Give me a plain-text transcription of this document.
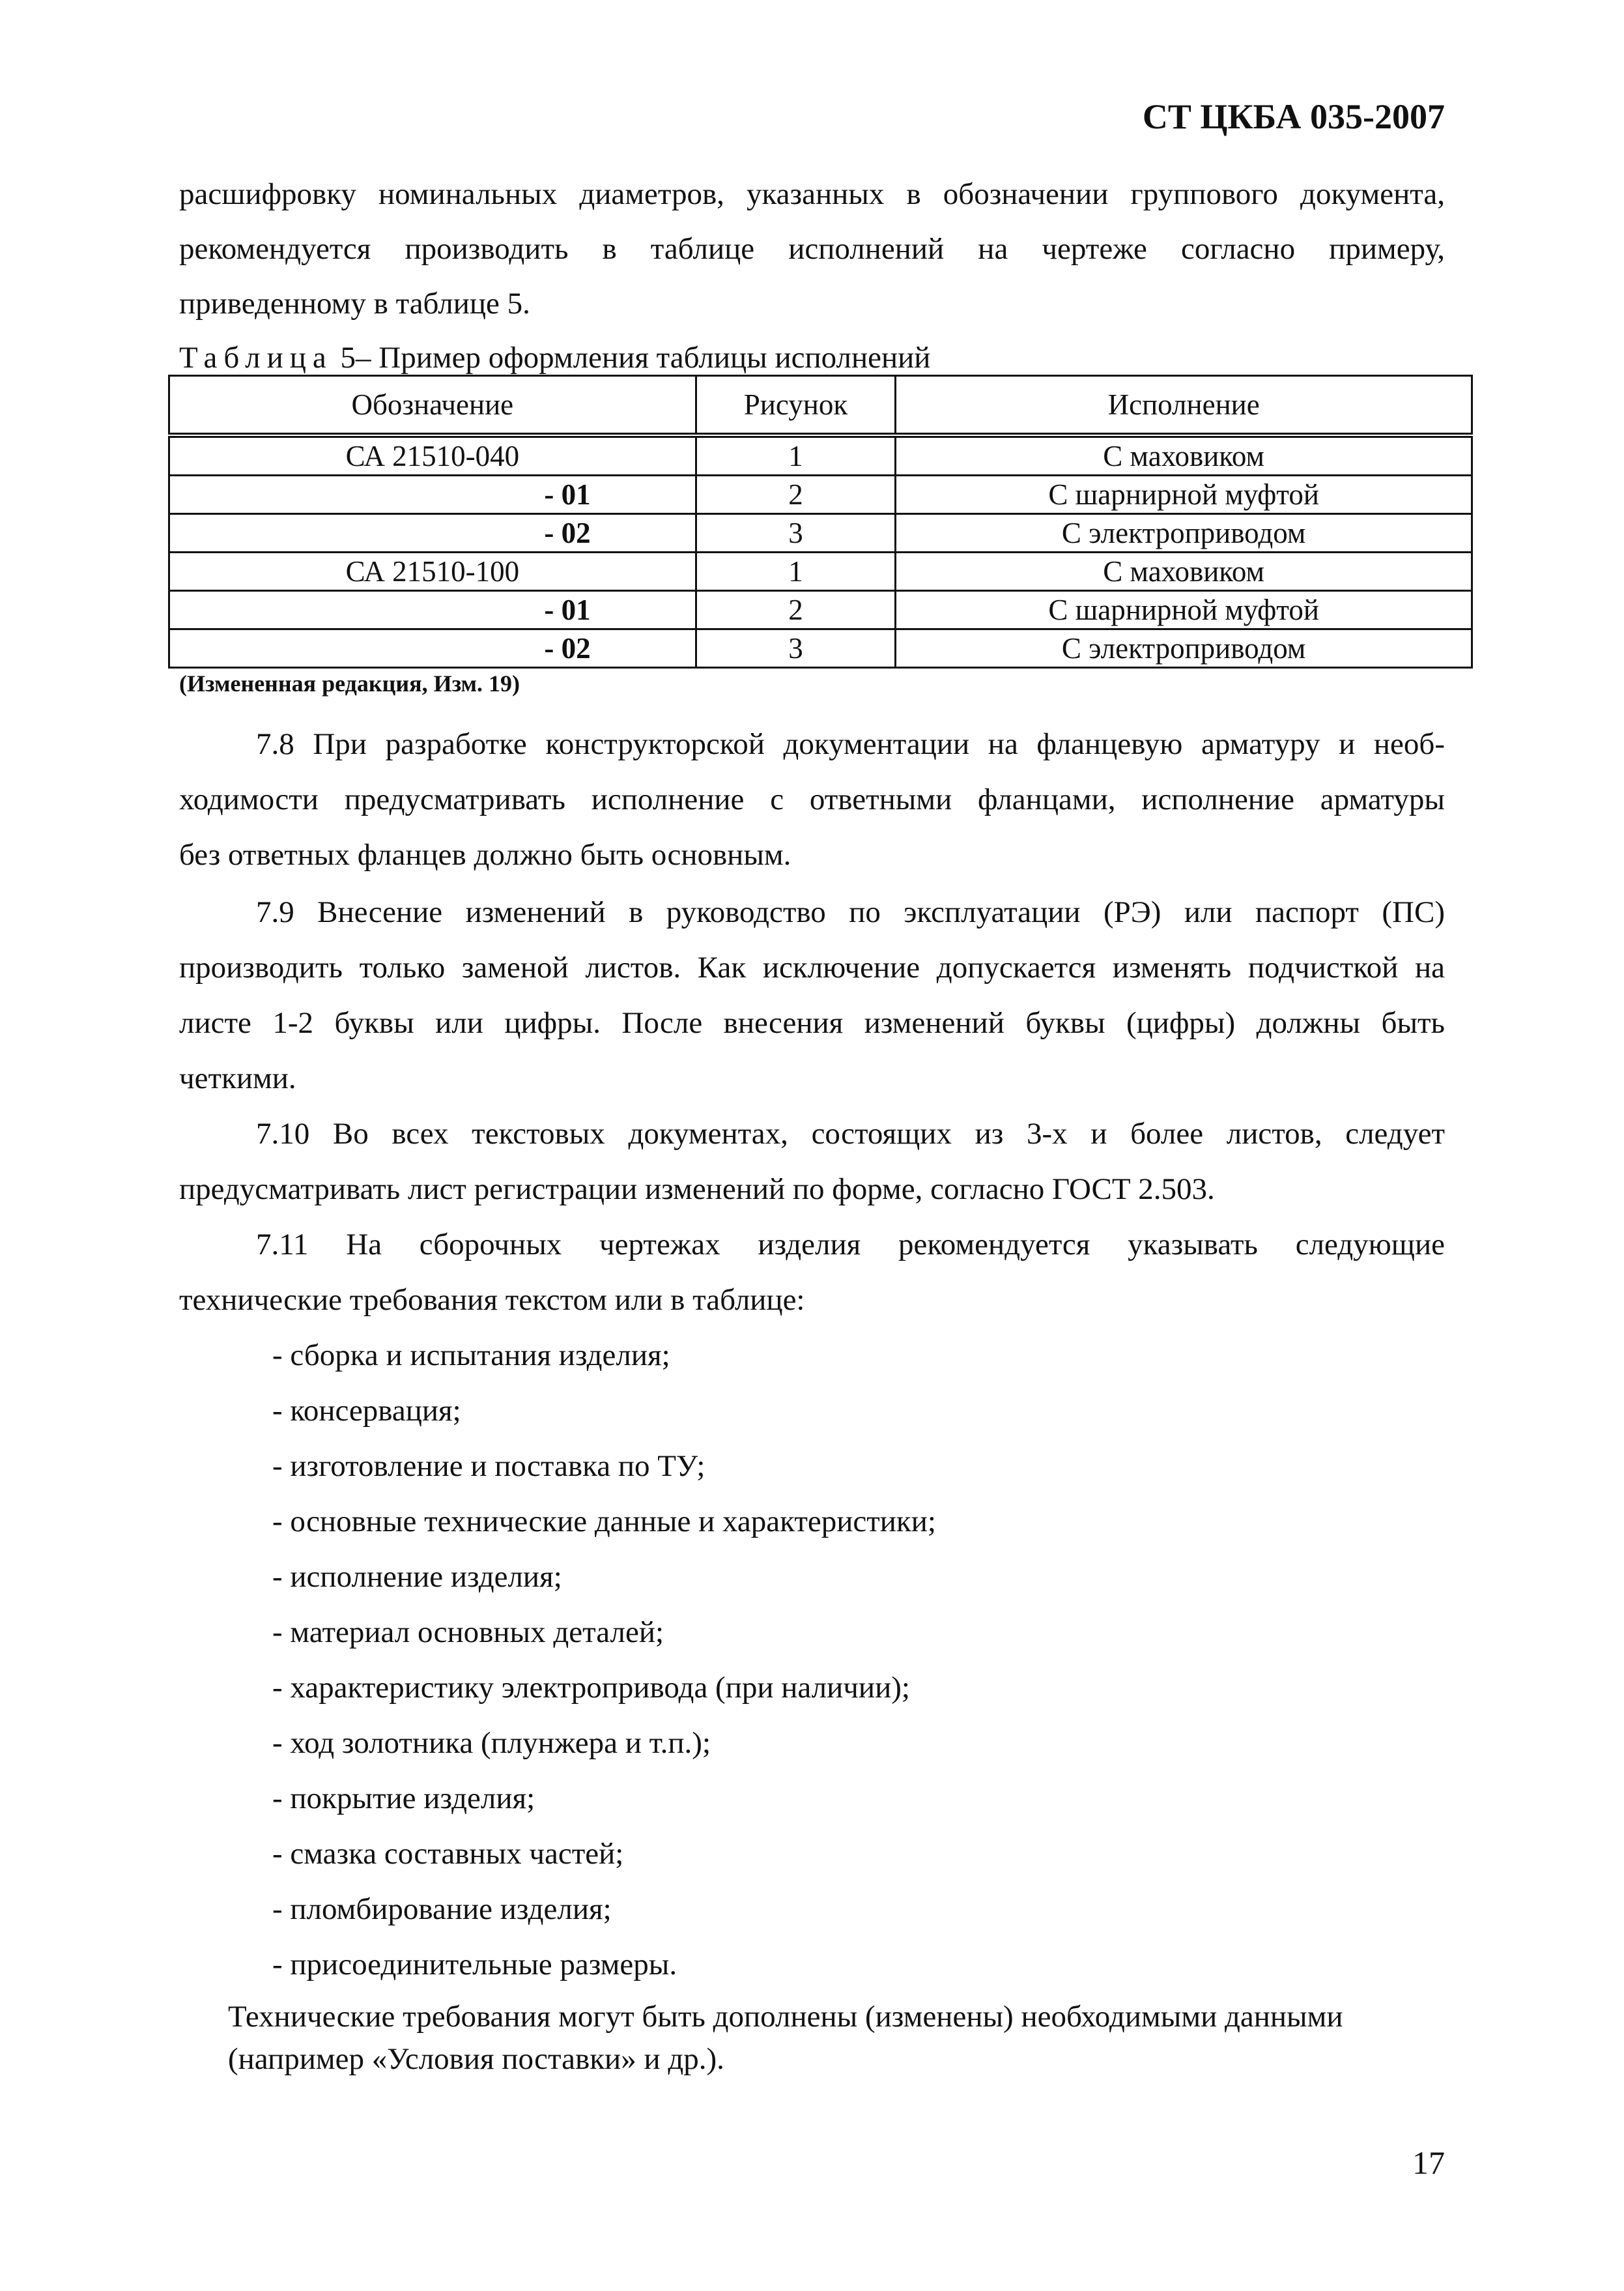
СТ ЦКБА 035-2007
расшифровку номинальных диаметров, указанных в обозначении группового документа,
рекомендуется производить в таблице исполнений на чертеже согласно примеру,
приведенному в таблице 5.
Таблица 5– Пример оформления таблицы исполнений
Обозначение	Рисунок	Исполнение
СА 21510-040	1	С маховиком
- 01	2	С шарнирной муфтой
- 02	3	С электроприводом
СА 21510-100	1	С маховиком
- 01	2	С шарнирной муфтой
- 02	3	С электроприводом
(Измененная редакция, Изм. 19)
7.8 При разработке конструкторской документации на фланцевую арматуру и необ-
ходимости предусматривать исполнение с ответными фланцами, исполнение арматуры
без ответных фланцев должно быть основным.
7.9 Внесение изменений в руководство по эксплуатации (РЭ) или паспорт (ПС)
производить только заменой листов. Как исключение допускается изменять подчисткой на
листе 1-2 буквы или цифры. После внесения изменений буквы (цифры) должны быть
четкими.
7.10 Во всех текстовых документах, состоящих из 3-х и более листов, следует
предусматривать лист регистрации изменений по форме, согласно ГОСТ 2.503.
7.11 На сборочных чертежах изделия рекомендуется указывать следующие
технические требования текстом или в таблице:
- сборка и испытания изделия;
- консервация;
- изготовление и поставка по ТУ;
- основные технические данные и характеристики;
- исполнение изделия;
- материал основных деталей;
- характеристику электропривода (при наличии);
- ход золотника (плунжера и т.п.);
- покрытие изделия;
- смазка составных частей;
- пломбирование изделия;
- присоединительные размеры.
Технические требования могут быть дополнены (изменены) необходимыми данными
(например «Условия поставки» и др.).
17
